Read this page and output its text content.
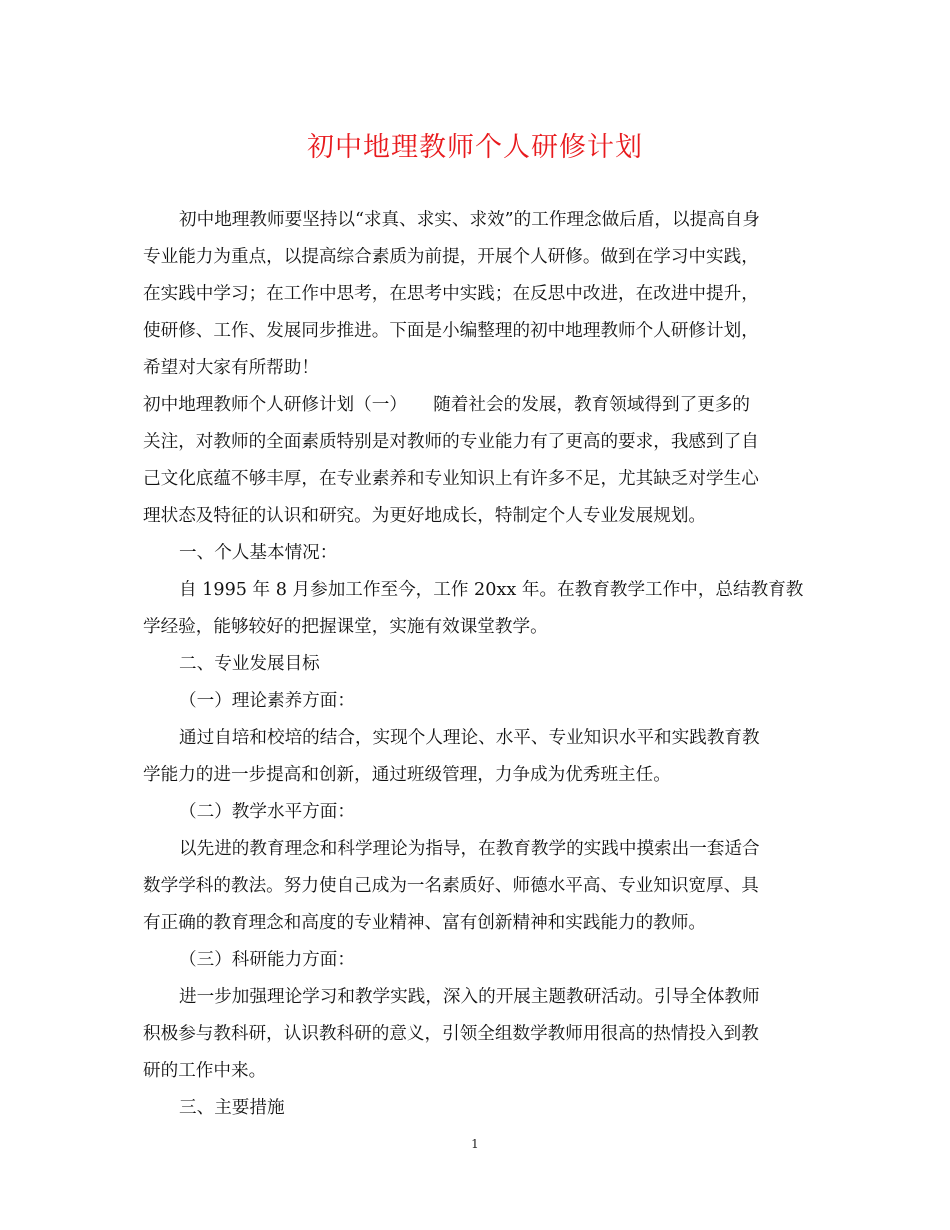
初中地理教师个人研修计划
初中地理教师要坚持以“求真、求实、求效”的工作理念做后盾，以提高自身
专业能力为重点，以提高综合素质为前提，开展个人研修。做到在学习中实践，
在实践中学习；在工作中思考，在思考中实践；在反思中改进，在改进中提升，
使研修、工作、发展同步推进。下面是小编整理的初中地理教师个人研修计划，
希望对大家有所帮助！
初中地理教师个人研修计划（一）　　随着社会的发展，教育领域得到了更多的
关注，对教师的全面素质特别是对教师的专业能力有了更高的要求，我感到了自
己文化底蕴不够丰厚，在专业素养和专业知识上有许多不足，尤其缺乏对学生心
理状态及特征的认识和研究。为更好地成长，特制定个人专业发展规划。
一、个人基本情况：
自 1995 年 8 月参加工作至今，工作 20xx 年。在教育教学工作中，总结教育教
学经验，能够较好的把握课堂，实施有效课堂教学。
二、专业发展目标
（一）理论素养方面：
通过自培和校培的结合，实现个人理论、水平、专业知识水平和实践教育教
学能力的进一步提高和创新，通过班级管理，力争成为优秀班主任。
（二）教学水平方面：
以先进的教育理念和科学理论为指导，在教育教学的实践中摸索出一套适合
数学学科的教法。努力使自己成为一名素质好、师德水平高、专业知识宽厚、具
有正确的教育理念和高度的专业精神、富有创新精神和实践能力的教师。
（三）科研能力方面：
进一步加强理论学习和教学实践，深入的开展主题教研活动。引导全体教师
积极参与教科研，认识教科研的意义，引领全组数学教师用很高的热情投入到教
研的工作中来。
三、主要措施
1
